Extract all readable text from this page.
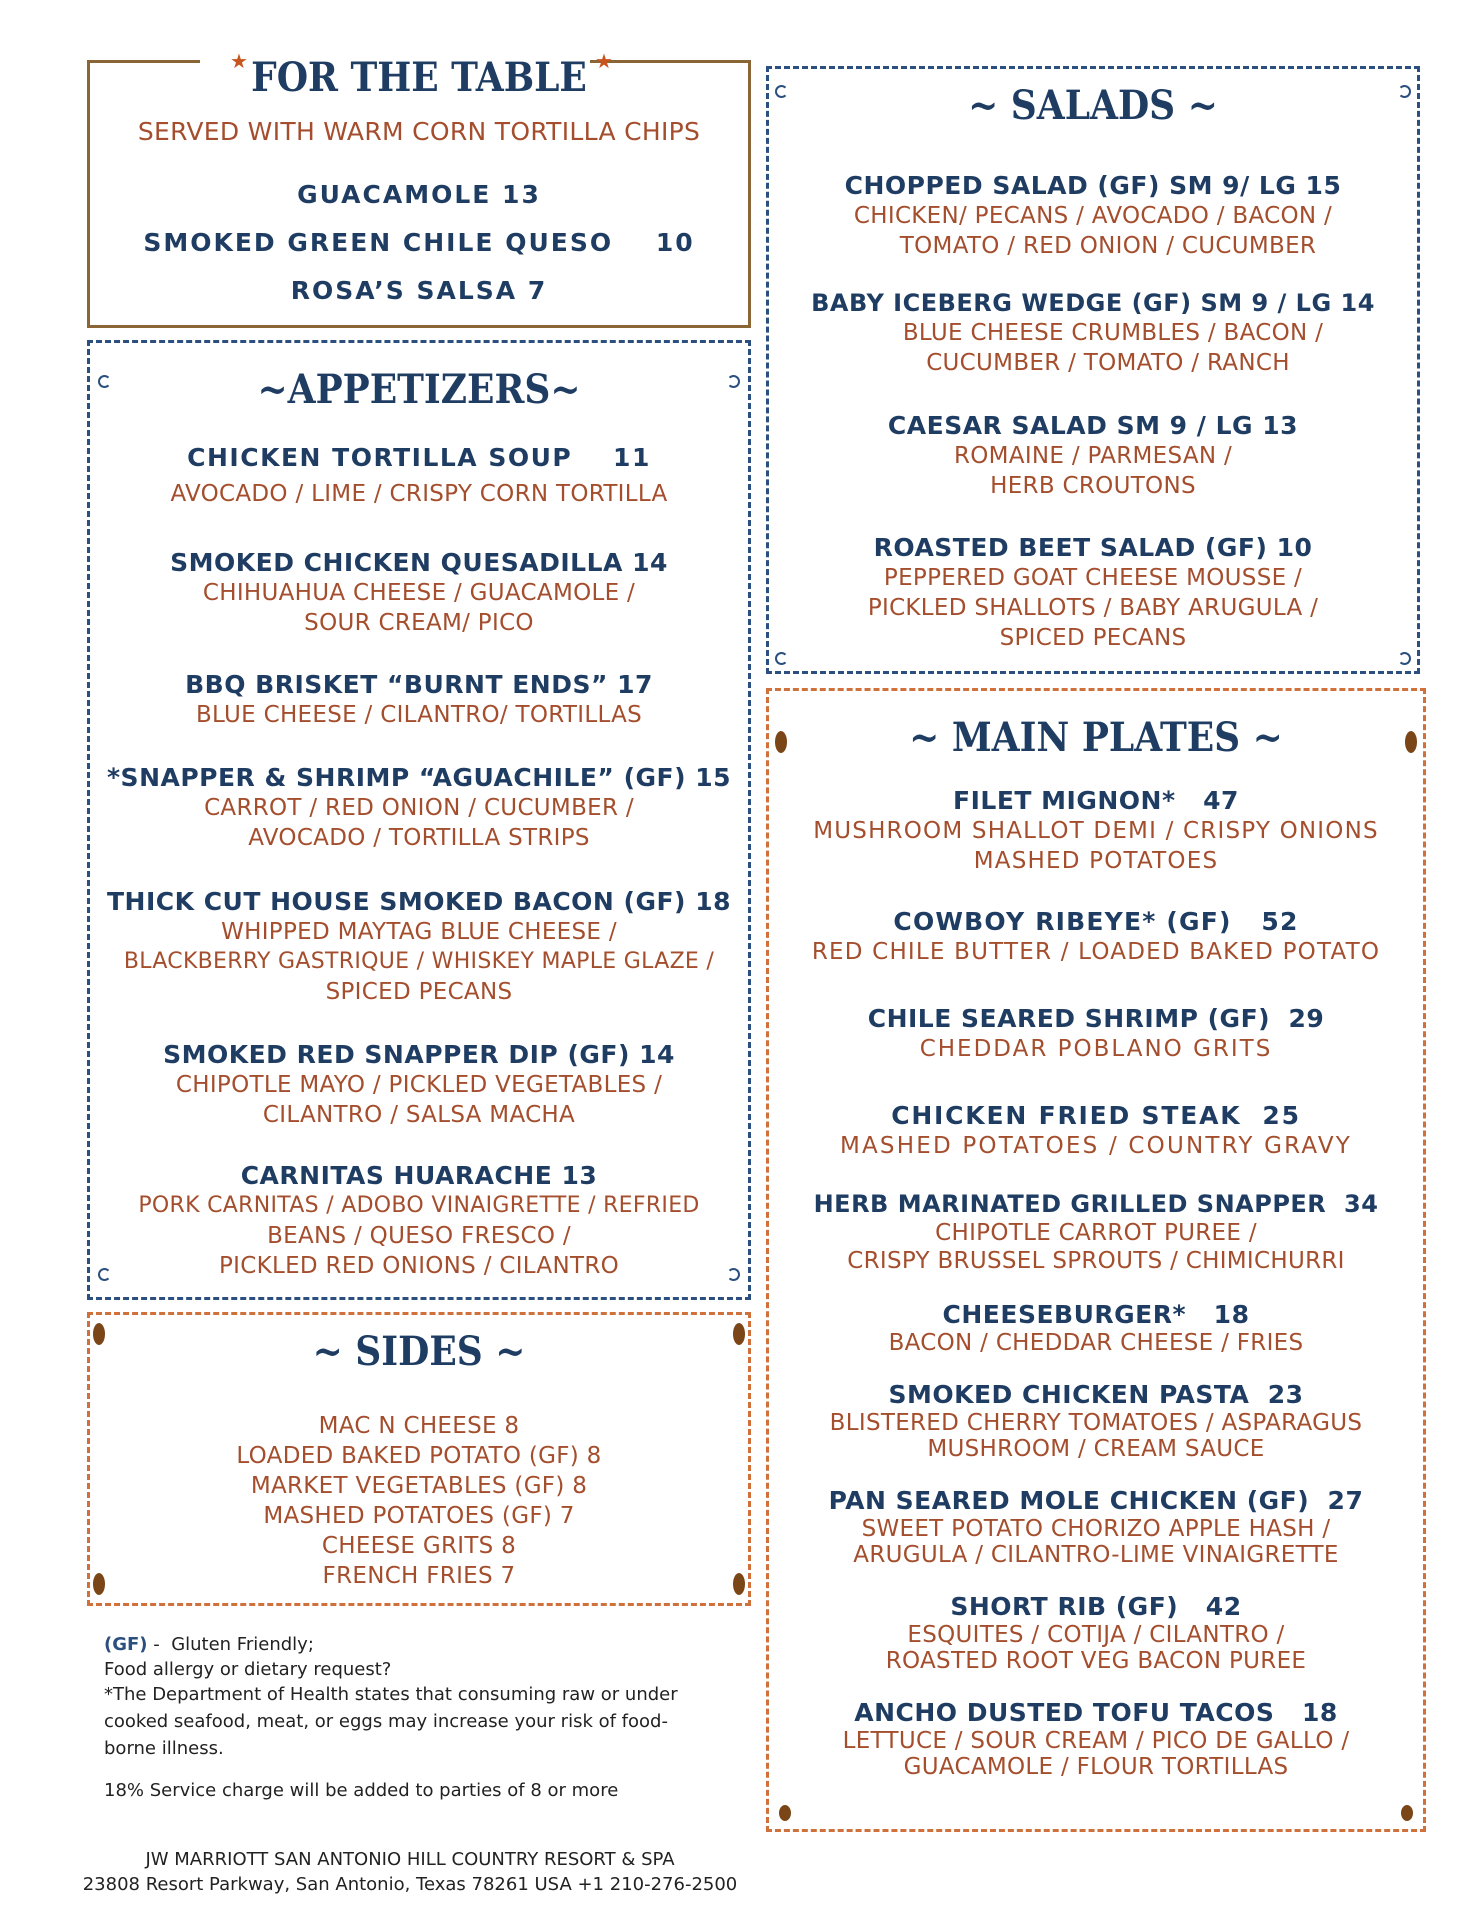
★	★
FOR THE TABLE
SERVED WITH WARM CORN TORTILLA CHIPS
GUACAMOLE 13
SMOKED GREEN CHILE QUESO    10
ROSA’S SALSA 7
~APPETIZERS~
CHICKEN TORTILLA SOUP    11
AVOCADO / LIME / CRISPY CORN TORTILLA
SMOKED CHICKEN QUESADILLA 14
CHIHUAHUA CHEESE / GUACAMOLE /
SOUR CREAM/ PICO
BBQ BRISKET “BURNT ENDS” 17
BLUE CHEESE / CILANTRO/ TORTILLAS
*SNAPPER & SHRIMP “AGUACHILE” (GF) 15
CARROT / RED ONION / CUCUMBER /
AVOCADO / TORTILLA STRIPS
THICK CUT HOUSE SMOKED BACON (GF) 18
WHIPPED MAYTAG BLUE CHEESE /
BLACKBERRY GASTRIQUE / WHISKEY MAPLE GLAZE /
SPICED PECANS
SMOKED RED SNAPPER DIP (GF) 14
CHIPOTLE MAYO / PICKLED VEGETABLES /
CILANTRO / SALSA MACHA
CARNITAS HUARACHE 13
PORK CARNITAS / ADOBO VINAIGRETTE / REFRIED
BEANS / QUESO FRESCO /
PICKLED RED ONIONS / CILANTRO
~ SIDES ~
MAC N CHEESE 8
LOADED BAKED POTATO (GF) 8
MARKET VEGETABLES (GF) 8
MASHED POTATOES (GF) 7
CHEESE GRITS 8
FRENCH FRIES 7
(GF) -  Gluten Friendly;
Food allergy or dietary request?
*The Department of Health states that consuming raw or under
cooked seafood, meat, or eggs may increase your risk of food-
borne illness.
18% Service charge will be added to parties of 8 or more
JW MARRIOTT SAN ANTONIO HILL COUNTRY RESORT & SPA
23808 Resort Parkway, San Antonio, Texas 78261 USA +1 210-276-2500
~ SALADS ~
CHOPPED SALAD (GF) SM 9/ LG 15
CHICKEN/ PECANS / AVOCADO / BACON /
TOMATO / RED ONION / CUCUMBER
BABY ICEBERG WEDGE (GF) SM 9 / LG 14
BLUE CHEESE CRUMBLES / BACON /
CUCUMBER / TOMATO / RANCH
CAESAR SALAD SM 9 / LG 13
ROMAINE / PARMESAN /
HERB CROUTONS
ROASTED BEET SALAD (GF) 10
PEPPERED GOAT CHEESE MOUSSE /
PICKLED SHALLOTS / BABY ARUGULA /
SPICED PECANS
~ MAIN PLATES ~
FILET MIGNON*   47
MUSHROOM SHALLOT DEMI / CRISPY ONIONS
MASHED POTATOES
COWBOY RIBEYE* (GF)   52
RED CHILE BUTTER / LOADED BAKED POTATO
CHILE SEARED SHRIMP (GF)  29
CHEDDAR POBLANO GRITS
CHICKEN FRIED STEAK  25
MASHED POTATOES / COUNTRY GRAVY
HERB MARINATED GRILLED SNAPPER  34
CHIPOTLE CARROT PUREE /
CRISPY BRUSSEL SPROUTS / CHIMICHURRI
CHEESEBURGER*   18
BACON / CHEDDAR CHEESE / FRIES
SMOKED CHICKEN PASTA  23
BLISTERED CHERRY TOMATOES / ASPARAGUS
MUSHROOM / CREAM SAUCE
PAN SEARED MOLE CHICKEN (GF)  27
SWEET POTATO CHORIZO APPLE HASH /
ARUGULA / CILANTRO-LIME VINAIGRETTE
SHORT RIB (GF)   42
ESQUITES / COTIJA / CILANTRO /
ROASTED ROOT VEG BACON PUREE
ANCHO DUSTED TOFU TACOS   18
LETTUCE / SOUR CREAM / PICO DE GALLO /
GUACAMOLE / FLOUR TORTILLAS
